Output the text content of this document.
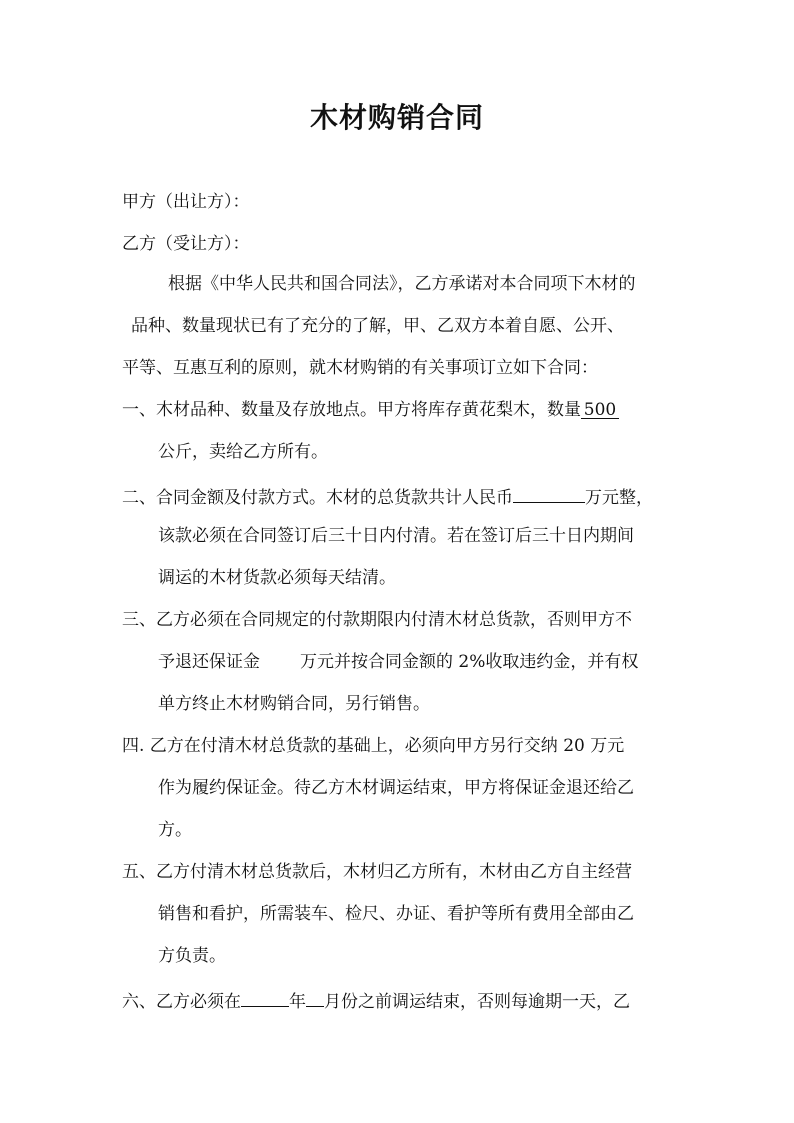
木材购销合同
甲方（出让方）：
乙方（受让方）：
根据《中华人民共和国合同法》，乙方承诺对本合同项下木材的
品种、数量现状已有了充分的了解，甲、乙双方本着自愿、公开、
平等、互惠互利的原则，就木材购销的有关事项订立如下合同：
一、木材品种、数量及存放地点。甲方将库存黄花梨木，数量 500
公斤，卖给乙方所有。
二、合同金额及付款方式。木材的总货款共计人民币	万元整，
该款必须在合同签订后三十日内付清。若在签订后三十日内期间
调运的木材货款必须每天结清。
三、乙方必须在合同规定的付款期限内付清木材总货款，否则甲方不
予退还保证金 万元并按合同金额的 2%收取违约金，并有权
单方终止木材购销合同，另行销售。
四. 乙方在付清木材总货款的基础上，必须向甲方另行交纳 20 万元
作为履约保证金。待乙方木材调运结束，甲方将保证金退还给乙
方。
五、乙方付清木材总货款后，木材归乙方所有，木材由乙方自主经营
销售和看护，所需装车、检尺、办证、看护等所有费用全部由乙
方负责。
六、乙方必须在	年 月份之前调运结束，否则每逾期一天，乙
